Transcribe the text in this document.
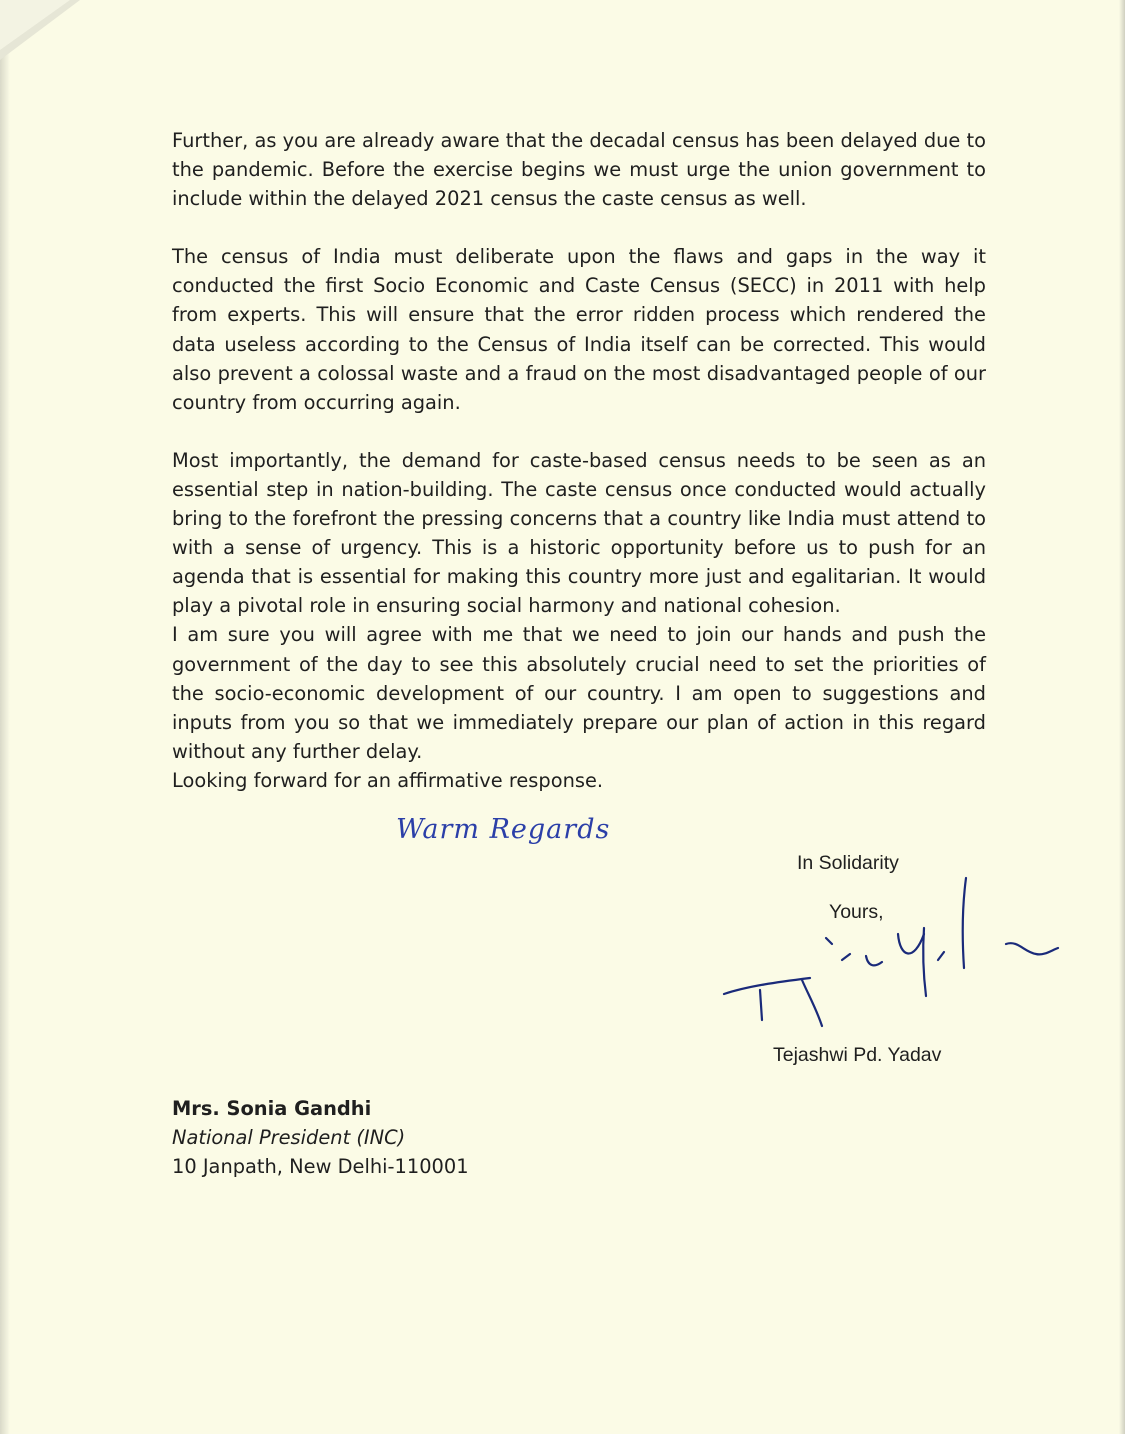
Further, as you are already aware that the decadal census has been delayed due to the pandemic. Before the exercise begins we must urge the union government to include within the delayed 2021 census the caste census as well.

The census of India must deliberate upon the flaws and gaps in the way it conducted the first Socio Economic and Caste Census (SECC) in 2011 with help from experts. This will ensure that the error ridden process which rendered the data useless according to the Census of India itself can be corrected. This would also prevent a colossal waste and a fraud on the most disadvantaged people of our country from occurring again.

Most importantly, the demand for caste-based census needs to be seen as an essential step in nation-building. The caste census once conducted would actually bring to the forefront the pressing concerns that a country like India must attend to with a sense of urgency. This is a historic opportunity before us to push for an agenda that is essential for making this country more just and egalitarian. It would play a pivotal role in ensuring social harmony and national cohesion.

I am sure you will agree with me that we need to join our hands and push the government of the day to see this absolutely crucial need to set the priorities of the socio-economic development of our country. I am open to suggestions and inputs from you so that we immediately prepare our plan of action in this regard without any further delay.

Looking forward for an affirmative response.

Warm Regards
In Solidarity
Yours,
Tejashwi Pd. Yadav
Mrs. Sonia Gandhi
National President (INC)
10 Janpath, New Delhi-110001
